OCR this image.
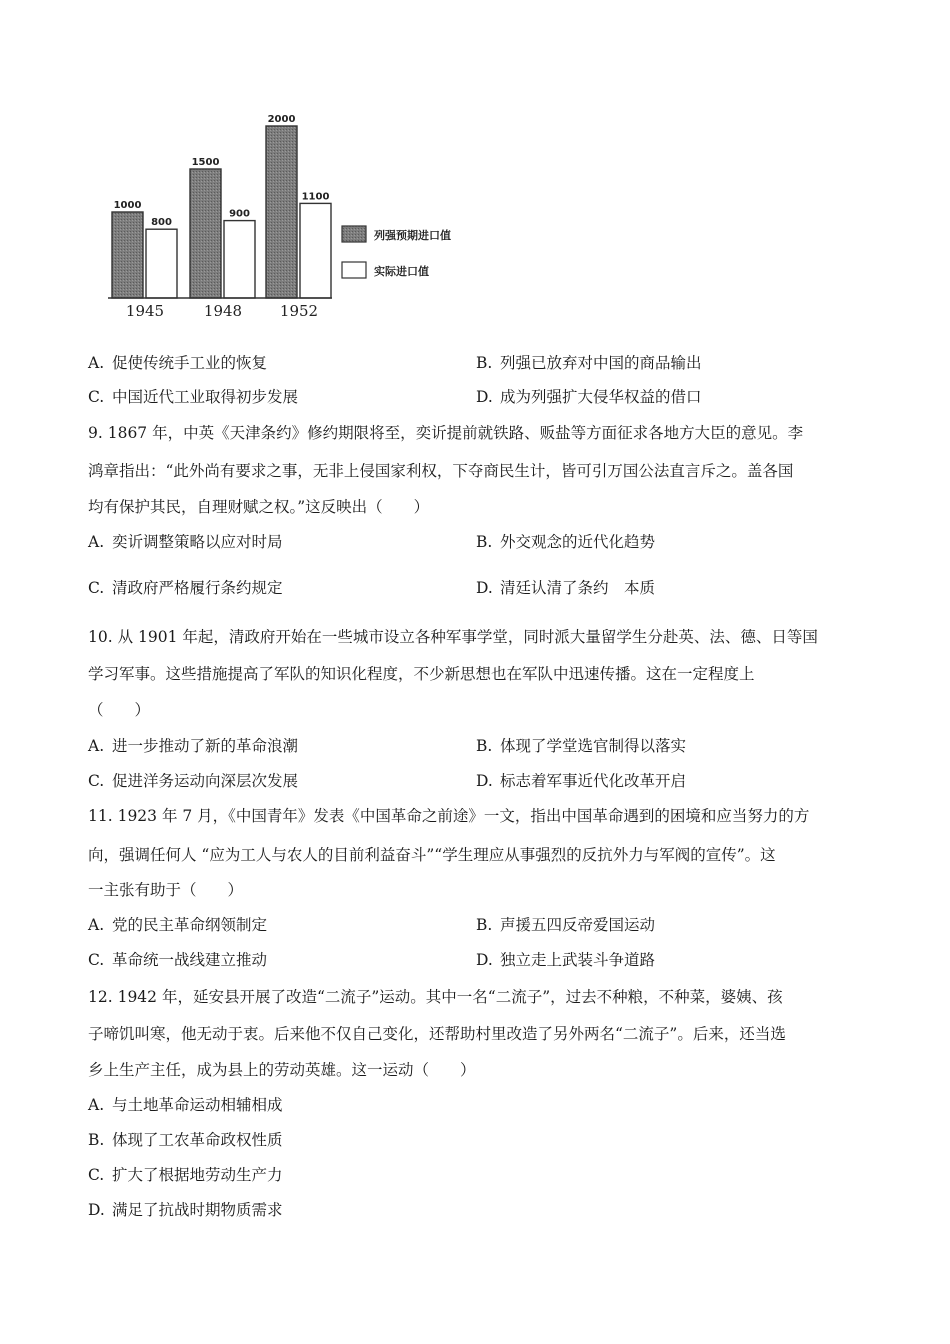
1000
800
1945
1500
900
1948
2000
1100
1952
列强预期进口值
实际进口值
A. 促使传统手工业的恢复	B. 列强已放弃对中国的商品输出
C. 中国近代工业取得初步发展	D. 成为列强扩大侵华权益的借口
9. 1867 年，中英《天津条约》修约期限将至，奕䜣提前就铁路、贩盐等方面征求各地方大臣的意见。李
鸿章指出：“此外尚有要求之事，无非上侵国家利权，下夺商民生计，皆可引万国公法直言斥之。盖各国
均有保护其民，自理财赋之权。”这反映出（　　）
A. 奕䜣调整策略以应对时局	B. 外交观念的近代化趋势
C. 清政府严格履行条约规定	D. 清廷认清了条约　本质
10. 从 1901 年起，清政府开始在一些城市设立各种军事学堂，同时派大量留学生分赴英、法、德、日等国
学习军事。这些措施提高了军队的知识化程度，不少新思想也在军队中迅速传播。这在一定程度上
（　　）
A. 进一步推动了新的革命浪潮	B. 体现了学堂选官制得以落实
C. 促进洋务运动向深层次发展	D. 标志着军事近代化改革开启
11. 1923 年 7 月，《中国青年》发表《中国革命之前途》一文，指出中国革命遇到的困境和应当努力的方
向，强调任何人 “应为工人与农人的目前利益奋斗”“学生理应从事强烈的反抗外力与军阀的宣传”。这
一主张有助于（　　）
A. 党的民主革命纲领制定	B. 声援五四反帝爱国运动
C. 革命统一战线建立推动	D. 独立走上武装斗争道路
12. 1942 年，延安县开展了改造“二流子”运动。其中一名“二流子”，过去不种粮，不种菜，婆姨、孩
子啼饥叫寒，他无动于衷。后来他不仅自己变化，还帮助村里改造了另外两名“二流子”。后来，还当选
乡上生产主任，成为县上的劳动英雄。这一运动（　　）
A. 与土地革命运动相辅相成
B. 体现了工农革命政权性质
C. 扩大了根据地劳动生产力
D. 满足了抗战时期物质需求
